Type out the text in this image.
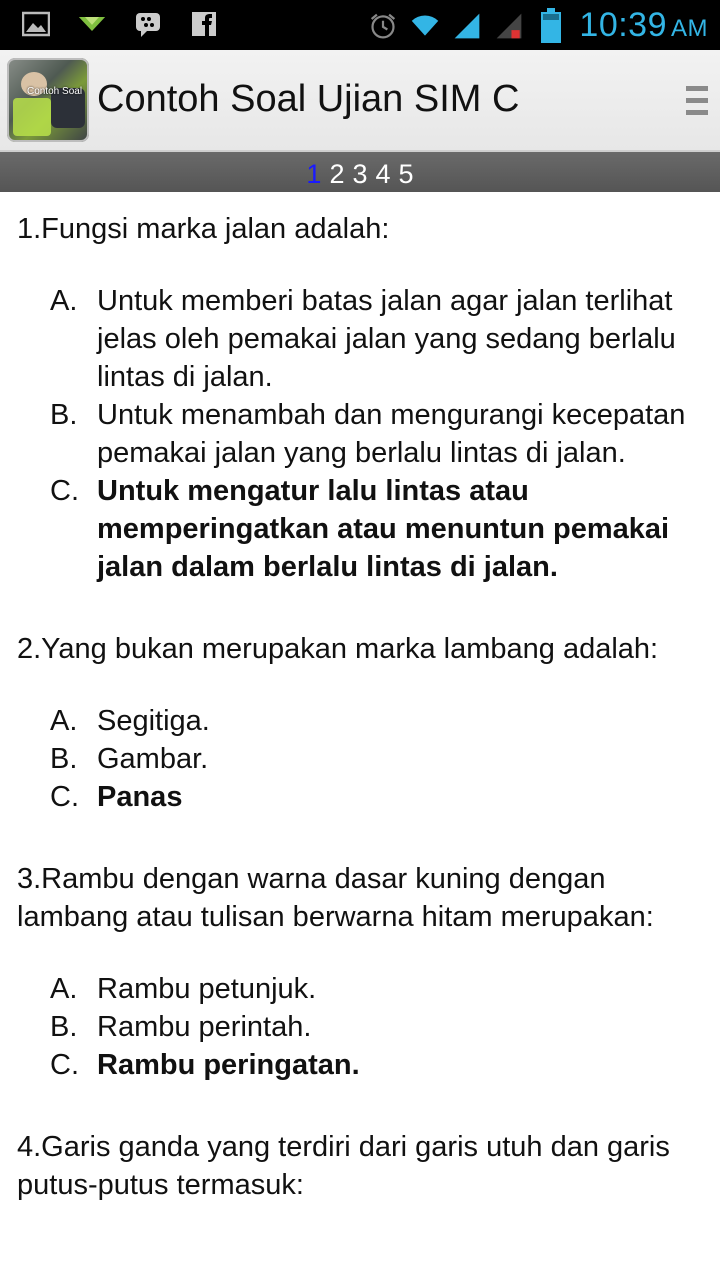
10:39 AM
Contoh Soal Contoh Soal Ujian SIM C
1 2 3 4 5
1.Fungsi marka jalan adalah:
A. Untuk memberi batas jalan agar jalan terlihat jelas oleh pemakai jalan yang sedang berlalu lintas di jalan.
B. Untuk menambah dan mengurangi kecepatan pemakai jalan yang berlalu lintas di jalan.
C. Untuk mengatur lalu lintas atau memperingatkan atau menuntun pemakai jalan dalam berlalu lintas di jalan.
2.Yang bukan merupakan marka lambang adalah:
A. Segitiga.
B. Gambar.
C. Panas
3.Rambu dengan warna dasar kuning dengan lambang atau tulisan berwarna hitam merupakan:
A. Rambu petunjuk.
B. Rambu perintah.
C. Rambu peringatan.
4.Garis ganda yang terdiri dari garis utuh dan garis putus-putus termasuk:
